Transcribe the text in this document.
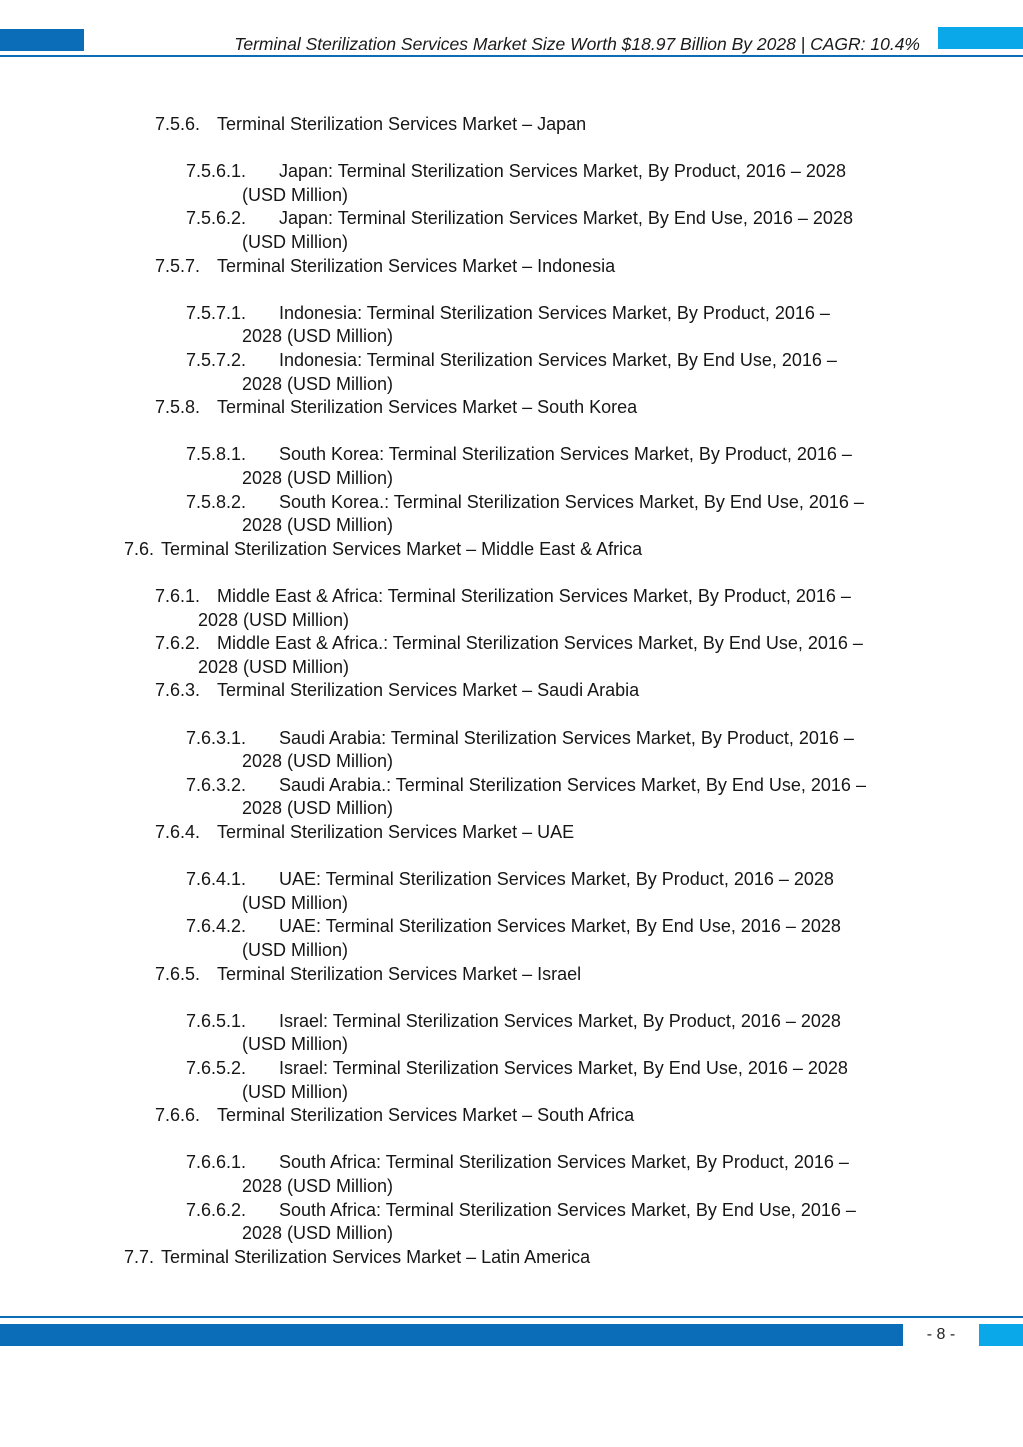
Terminal Sterilization Services Market Size Worth $18.97 Billion By 2028 | CAGR: 10.4%
7.5.6. Terminal Sterilization Services Market – Japan
7.5.6.1. Japan: Terminal Sterilization Services Market, By Product, 2016 – 2028
(USD Million)
7.5.6.2. Japan: Terminal Sterilization Services Market, By End Use, 2016 – 2028
(USD Million)
7.5.7. Terminal Sterilization Services Market – Indonesia
7.5.7.1. Indonesia: Terminal Sterilization Services Market, By Product, 2016 –
2028 (USD Million)
7.5.7.2. Indonesia: Terminal Sterilization Services Market, By End Use, 2016 –
2028 (USD Million)
7.5.8. Terminal Sterilization Services Market – South Korea
7.5.8.1. South Korea: Terminal Sterilization Services Market, By Product, 2016 –
2028 (USD Million)
7.5.8.2. South Korea.: Terminal Sterilization Services Market, By End Use, 2016 –
2028 (USD Million)
7.6. Terminal Sterilization Services Market – Middle East & Africa
7.6.1. Middle East & Africa: Terminal Sterilization Services Market, By Product, 2016 –
2028 (USD Million)
7.6.2. Middle East & Africa.: Terminal Sterilization Services Market, By End Use, 2016 –
2028 (USD Million)
7.6.3. Terminal Sterilization Services Market – Saudi Arabia
7.6.3.1. Saudi Arabia: Terminal Sterilization Services Market, By Product, 2016 –
2028 (USD Million)
7.6.3.2. Saudi Arabia.: Terminal Sterilization Services Market, By End Use, 2016 –
2028 (USD Million)
7.6.4. Terminal Sterilization Services Market – UAE
7.6.4.1. UAE: Terminal Sterilization Services Market, By Product, 2016 – 2028
(USD Million)
7.6.4.2. UAE: Terminal Sterilization Services Market, By End Use, 2016 – 2028
(USD Million)
7.6.5. Terminal Sterilization Services Market – Israel
7.6.5.1. Israel: Terminal Sterilization Services Market, By Product, 2016 – 2028
(USD Million)
7.6.5.2. Israel: Terminal Sterilization Services Market, By End Use, 2016 – 2028
(USD Million)
7.6.6. Terminal Sterilization Services Market – South Africa
7.6.6.1. South Africa: Terminal Sterilization Services Market, By Product, 2016 –
2028 (USD Million)
7.6.6.2. South Africa: Terminal Sterilization Services Market, By End Use, 2016 –
2028 (USD Million)
7.7. Terminal Sterilization Services Market – Latin America
- 8 -
